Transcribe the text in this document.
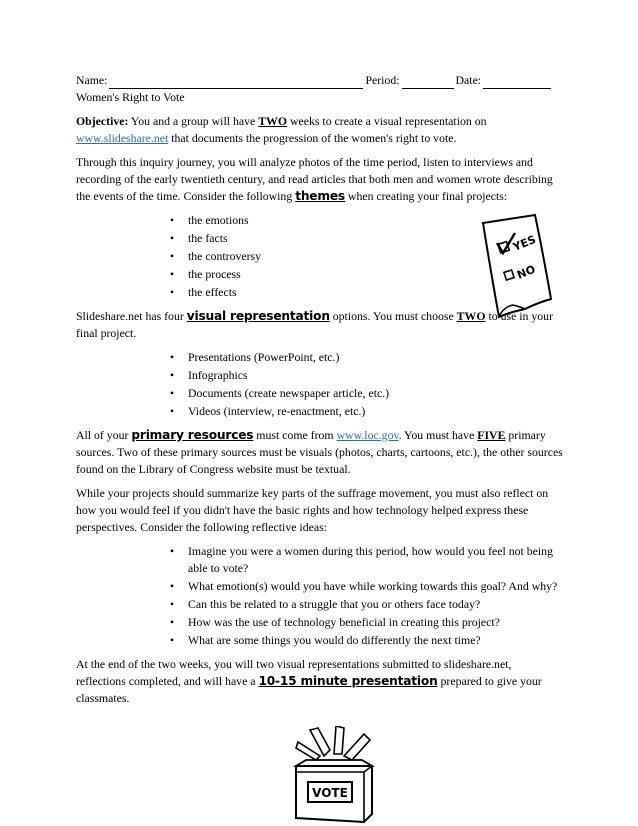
Name:	Period:	Date:

Women's Right to Vote

Objective: You and a group will have TWO weeks to create a visual representation on www.slideshare.net that documents the progression of the women's right to vote.

Through this inquiry journey, you will analyze photos of the time period, listen to interviews and recording of the early twentieth century, and read articles that both men and women wrote describing the events of the time. Consider the following themes when creating your final projects:

• the emotions
• the facts
• the controversy
• the process
• the effects

Slideshare.net has four visual representation options. You must choose TWO to use in your final project.

• Presentations (PowerPoint, etc.)
• Infographics
• Documents (create newspaper article, etc.)
• Videos (interview, re-enactment, etc.)

All of your primary resources must come from www.loc.gov. You must have FIVE primary sources. Two of these primary sources must be visuals (photos, charts, cartoons, etc.), the other sources found on the Library of Congress website must be textual.

While your projects should summarize key parts of the suffrage movement, you must also reflect on how you would feel if you didn't have the basic rights and how technology helped express these perspectives. Consider the following reflective ideas:

• Imagine you were a women during this period, how would you feel not being able to vote?
• What emotion(s) would you have while working towards this goal? And why?
• Can this be related to a struggle that you or others face today?
• How was the use of technology beneficial in creating this project?
• What are some things you would do differently the next time?

At the end of the two weeks, you will two visual representations submitted to slideshare.net, reflections completed, and will have a 10-15 minute presentation prepared to give your classmates.

YES
NO
VOTE
